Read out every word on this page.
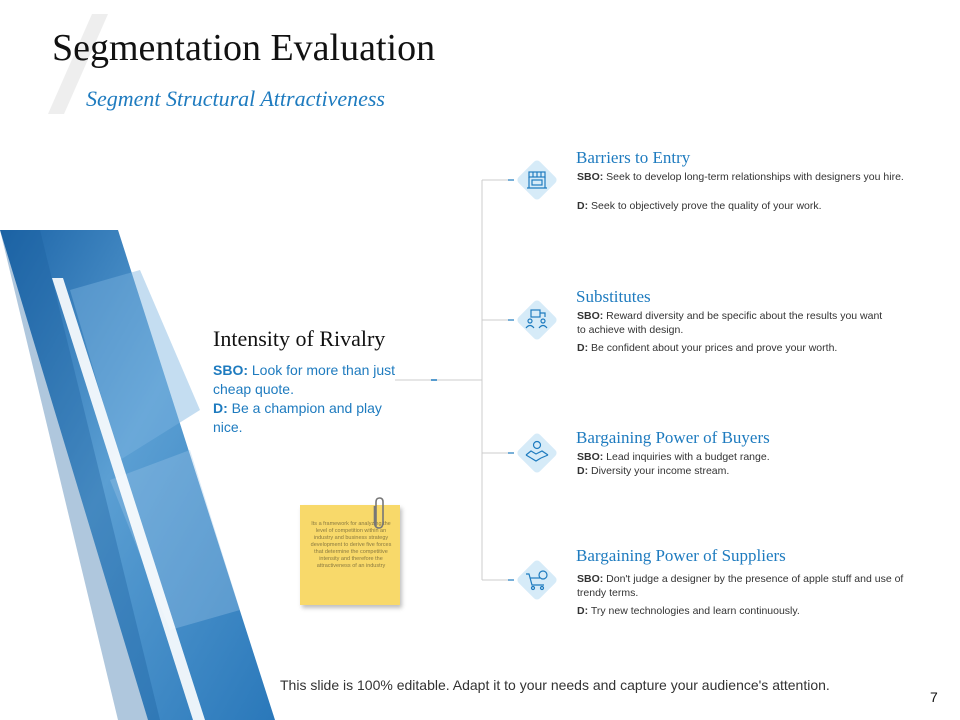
Segmentation Evaluation
Segment Structural Attractiveness
Intensity of Rivalry

SBO: Look for more than just cheap quote.

D: Be a champion and play nice.

Its a framework for analyzing the level of competition within an industry and business strategy development to derive five forces that determine the competitive intensity and therefore the attractiveness of an industry
Barriers to Entry
SBO: Seek to develop long-term relationships with designers you hire.
D: Seek to objectively prove the quality of your work.
Substitutes
SBO: Reward diversity and be specific about the results you want to achieve with design.
D: Be confident about your prices and prove your worth.
Bargaining Power of Buyers
SBO: Lead inquiries with a budget range.
D: Diversity your income stream.
Bargaining Power of Suppliers
SBO: Don't judge a designer by the presence of apple stuff and use of trendy terms.
D: Try new technologies and learn continuously.
This slide is 100% editable. Adapt it to your needs and capture your audience's attention.
7
